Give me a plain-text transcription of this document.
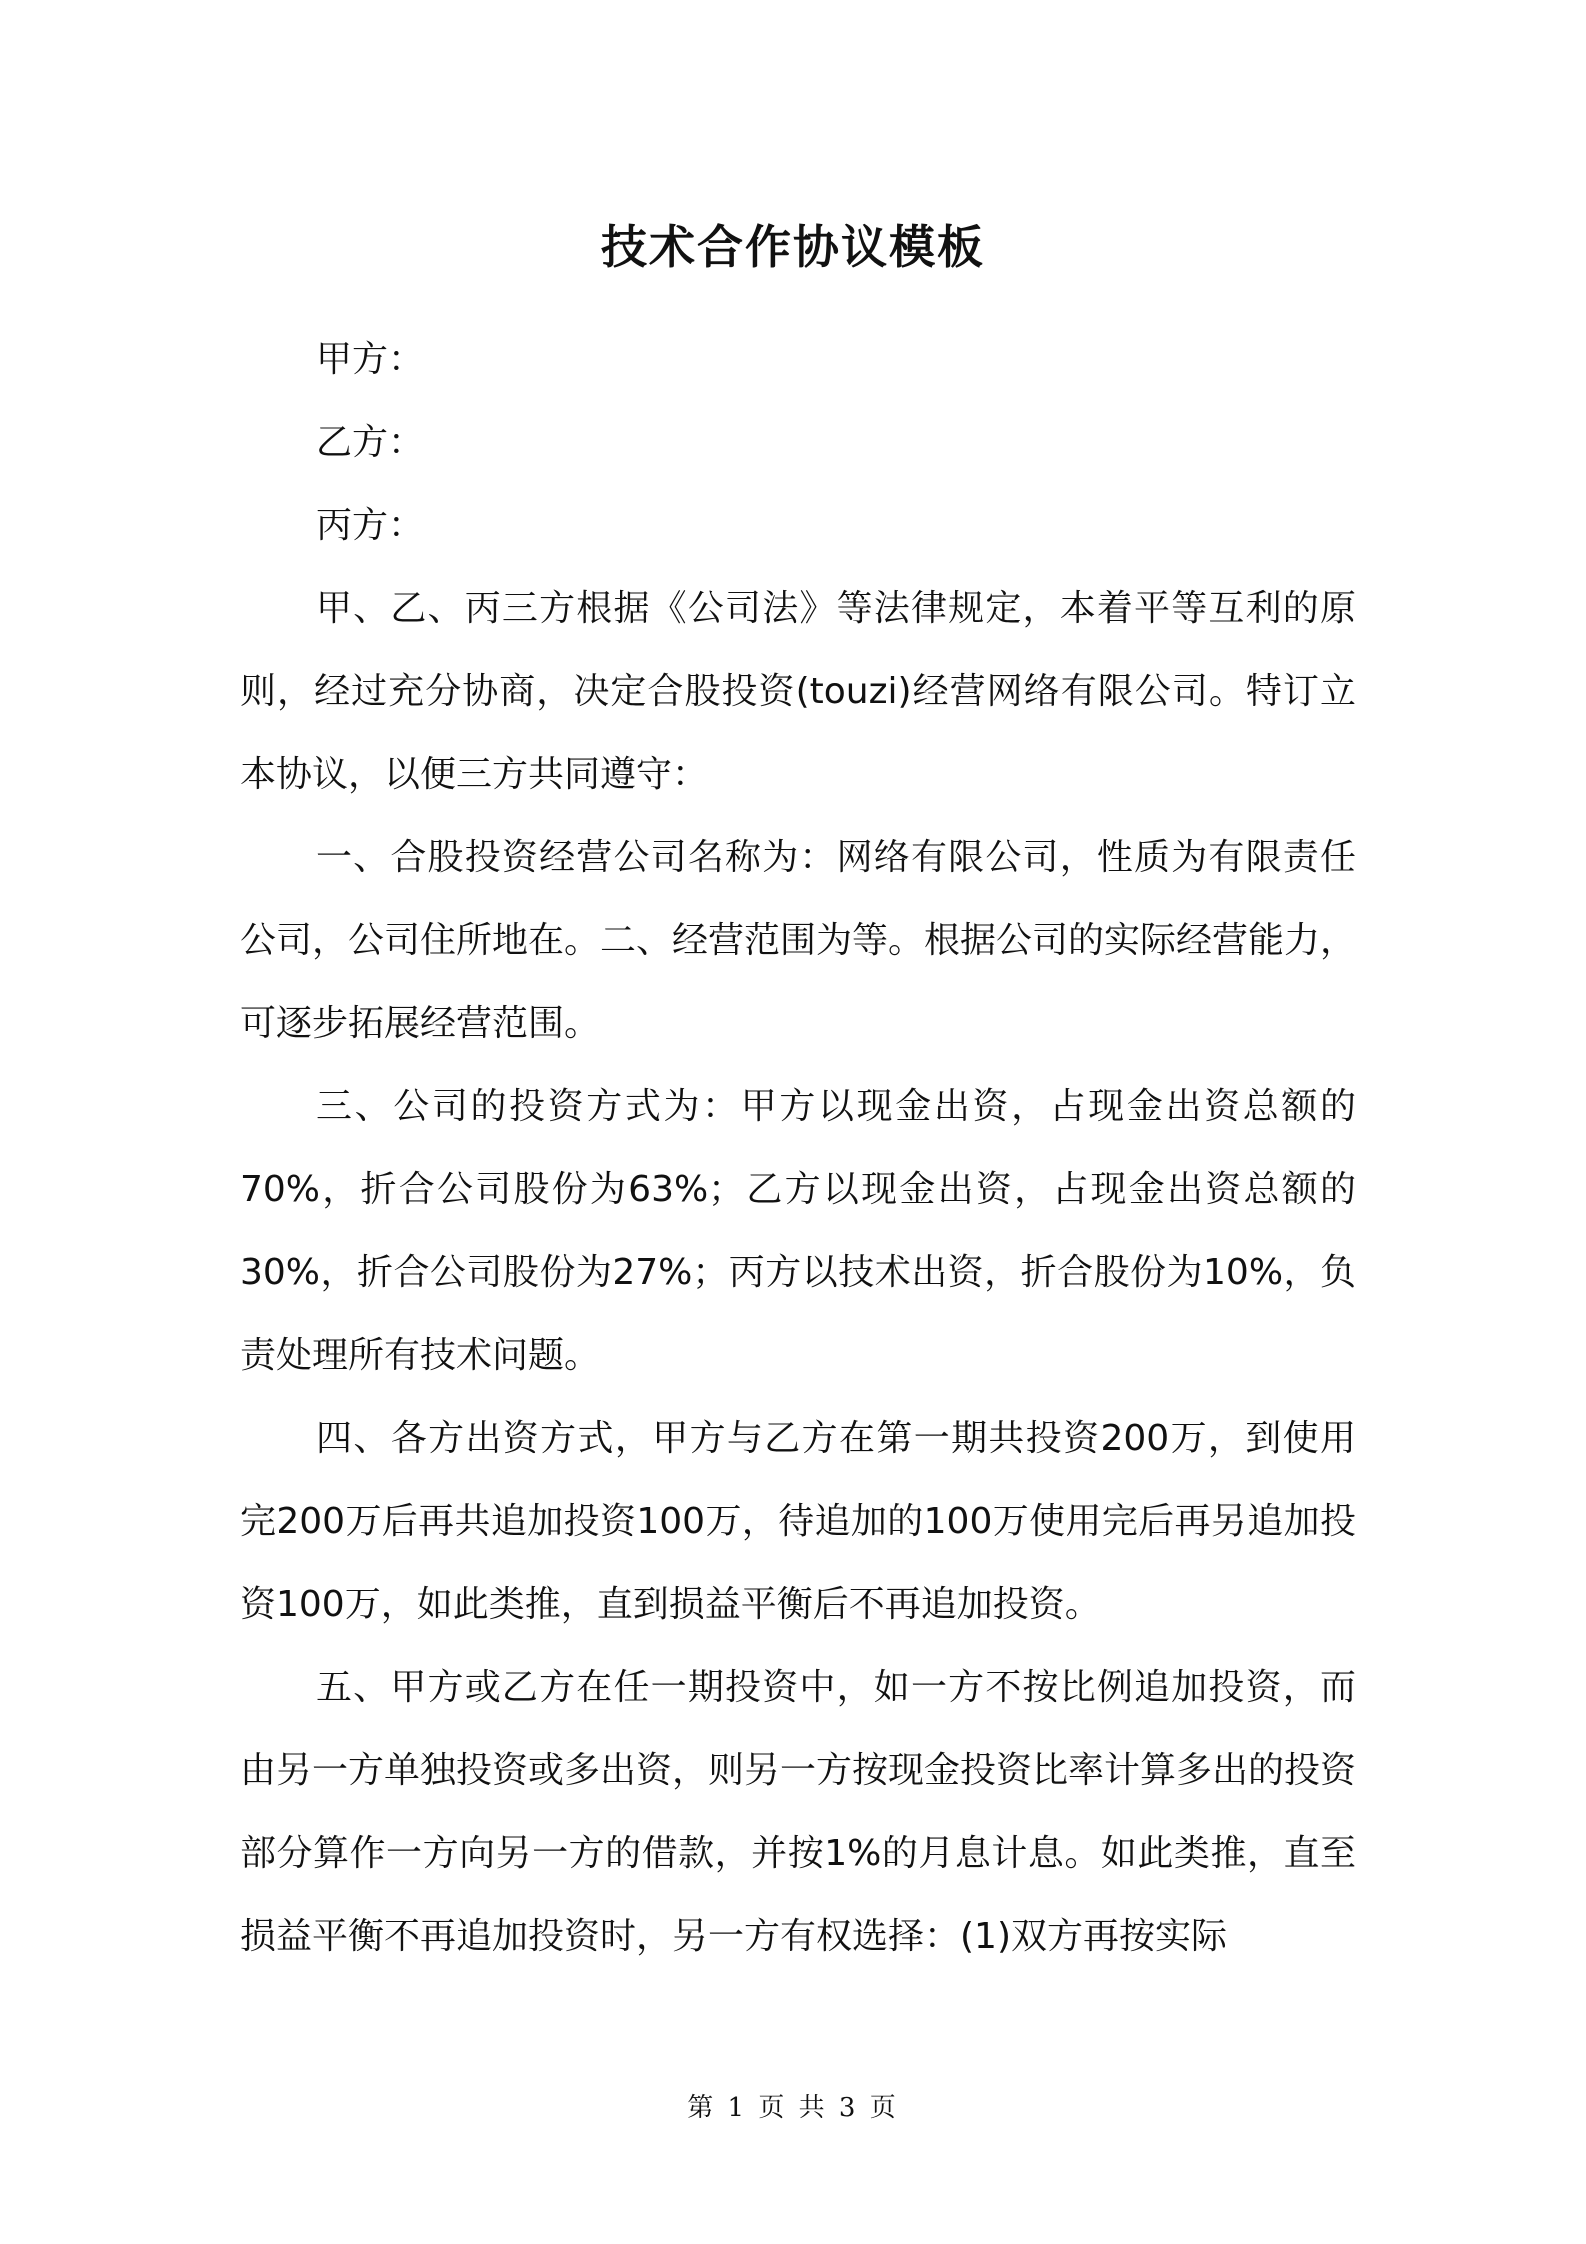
技术合作协议模板

甲方：

乙方：

丙方：

甲、乙、丙三方根据《公司法》等法律规定，本着平等互利的原则，经过充分协商，决定合股投资(touzi)经营网络有限公司。特订立本协议，以便三方共同遵守：

一、合股投资经营公司名称为：网络有限公司，性质为有限责任公司，公司住所地在。二、经营范围为等。根据公司的实际经营能力，可逐步拓展经营范围。

三、公司的投资方式为：甲方以现金出资，占现金出资总额的70%，折合公司股份为63%；乙方以现金出资，占现金出资总额的30%，折合公司股份为27%；丙方以技术出资，折合股份为10%，负责处理所有技术问题。

四、各方出资方式，甲方与乙方在第一期共投资200万，到使用完200万后再共追加投资100万，待追加的100万使用完后再另追加投资100万，如此类推，直到损益平衡后不再追加投资。

五、甲方或乙方在任一期投资中，如一方不按比例追加投资，而由另一方单独投资或多出资，则另一方按现金投资比率计算多出的投资部分算作一方向另一方的借款，并按1%的月息计息。如此类推，直至损益平衡不再追加投资时，另一方有权选择：(1)双方再按实际

第 1 页 共 3 页
